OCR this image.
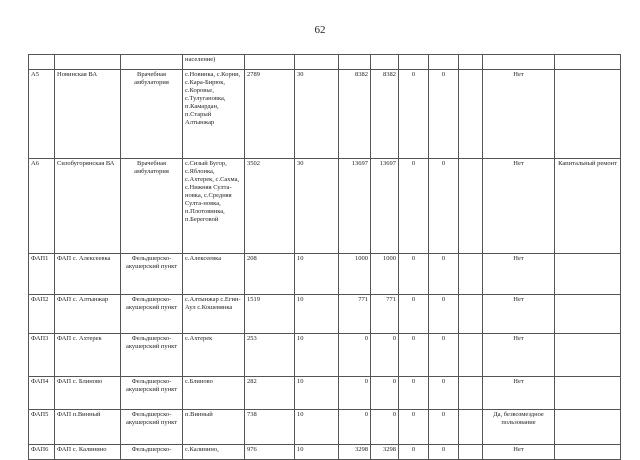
62
			население)									
А5	Новинская ВА	Врачебная амбулатория	с.Новинка, с.Корни, с.Кара-Бирюк, с.Коровье, с.Тулугановка, п.Камардан, п.Старый Алтынжар	2789	30	8382	8382	0	0		Нет	
А6	Сизобугорянская ВА	Врачебная амбулатория	с.Сизый Бугор, с.Яблонка, с.Ахтерек, с.Сахма, с.Нижняя Султа-новка, с.Средняя Султа-новка, п.Плотовинка, п.Береговой	3502	30	13697	13697	0	0		Нет	Капитальный ремонт
ФАП1	ФАП с. Алексеевка	Фельдшерско-акушерский пункт	с.Алексеевка	208	10	1000	1000	0	0		Нет	
ФАП2	ФАП с. Алтынжар	Фельдшерско-акушерский пункт	с.Алтынжар с.Егин-Аул с.Кошевянка	1519	10	771	771	0	0		Нет	
ФАП3	ФАП с. Ахтерек	Фельдшерско-акушерский пункт	с.Ахтерек	253	10	0	0	0	0		Нет	
ФАП4	ФАП с. Блиново	Фельдшерско-акушерский пункт	с.Блиново	282	10	0	0	0	0		Нет	
ФАП5	ФАП п.Винный	Фельдшерско-акушерский пункт	п.Винный	738	10	0	0	0	0		Да, безвозмездное пользование	
ФАП6	ФАП с. Калинино	Фельдшерско-	с.Калинино,	976	10	3298	3298	0	0		Нет	
